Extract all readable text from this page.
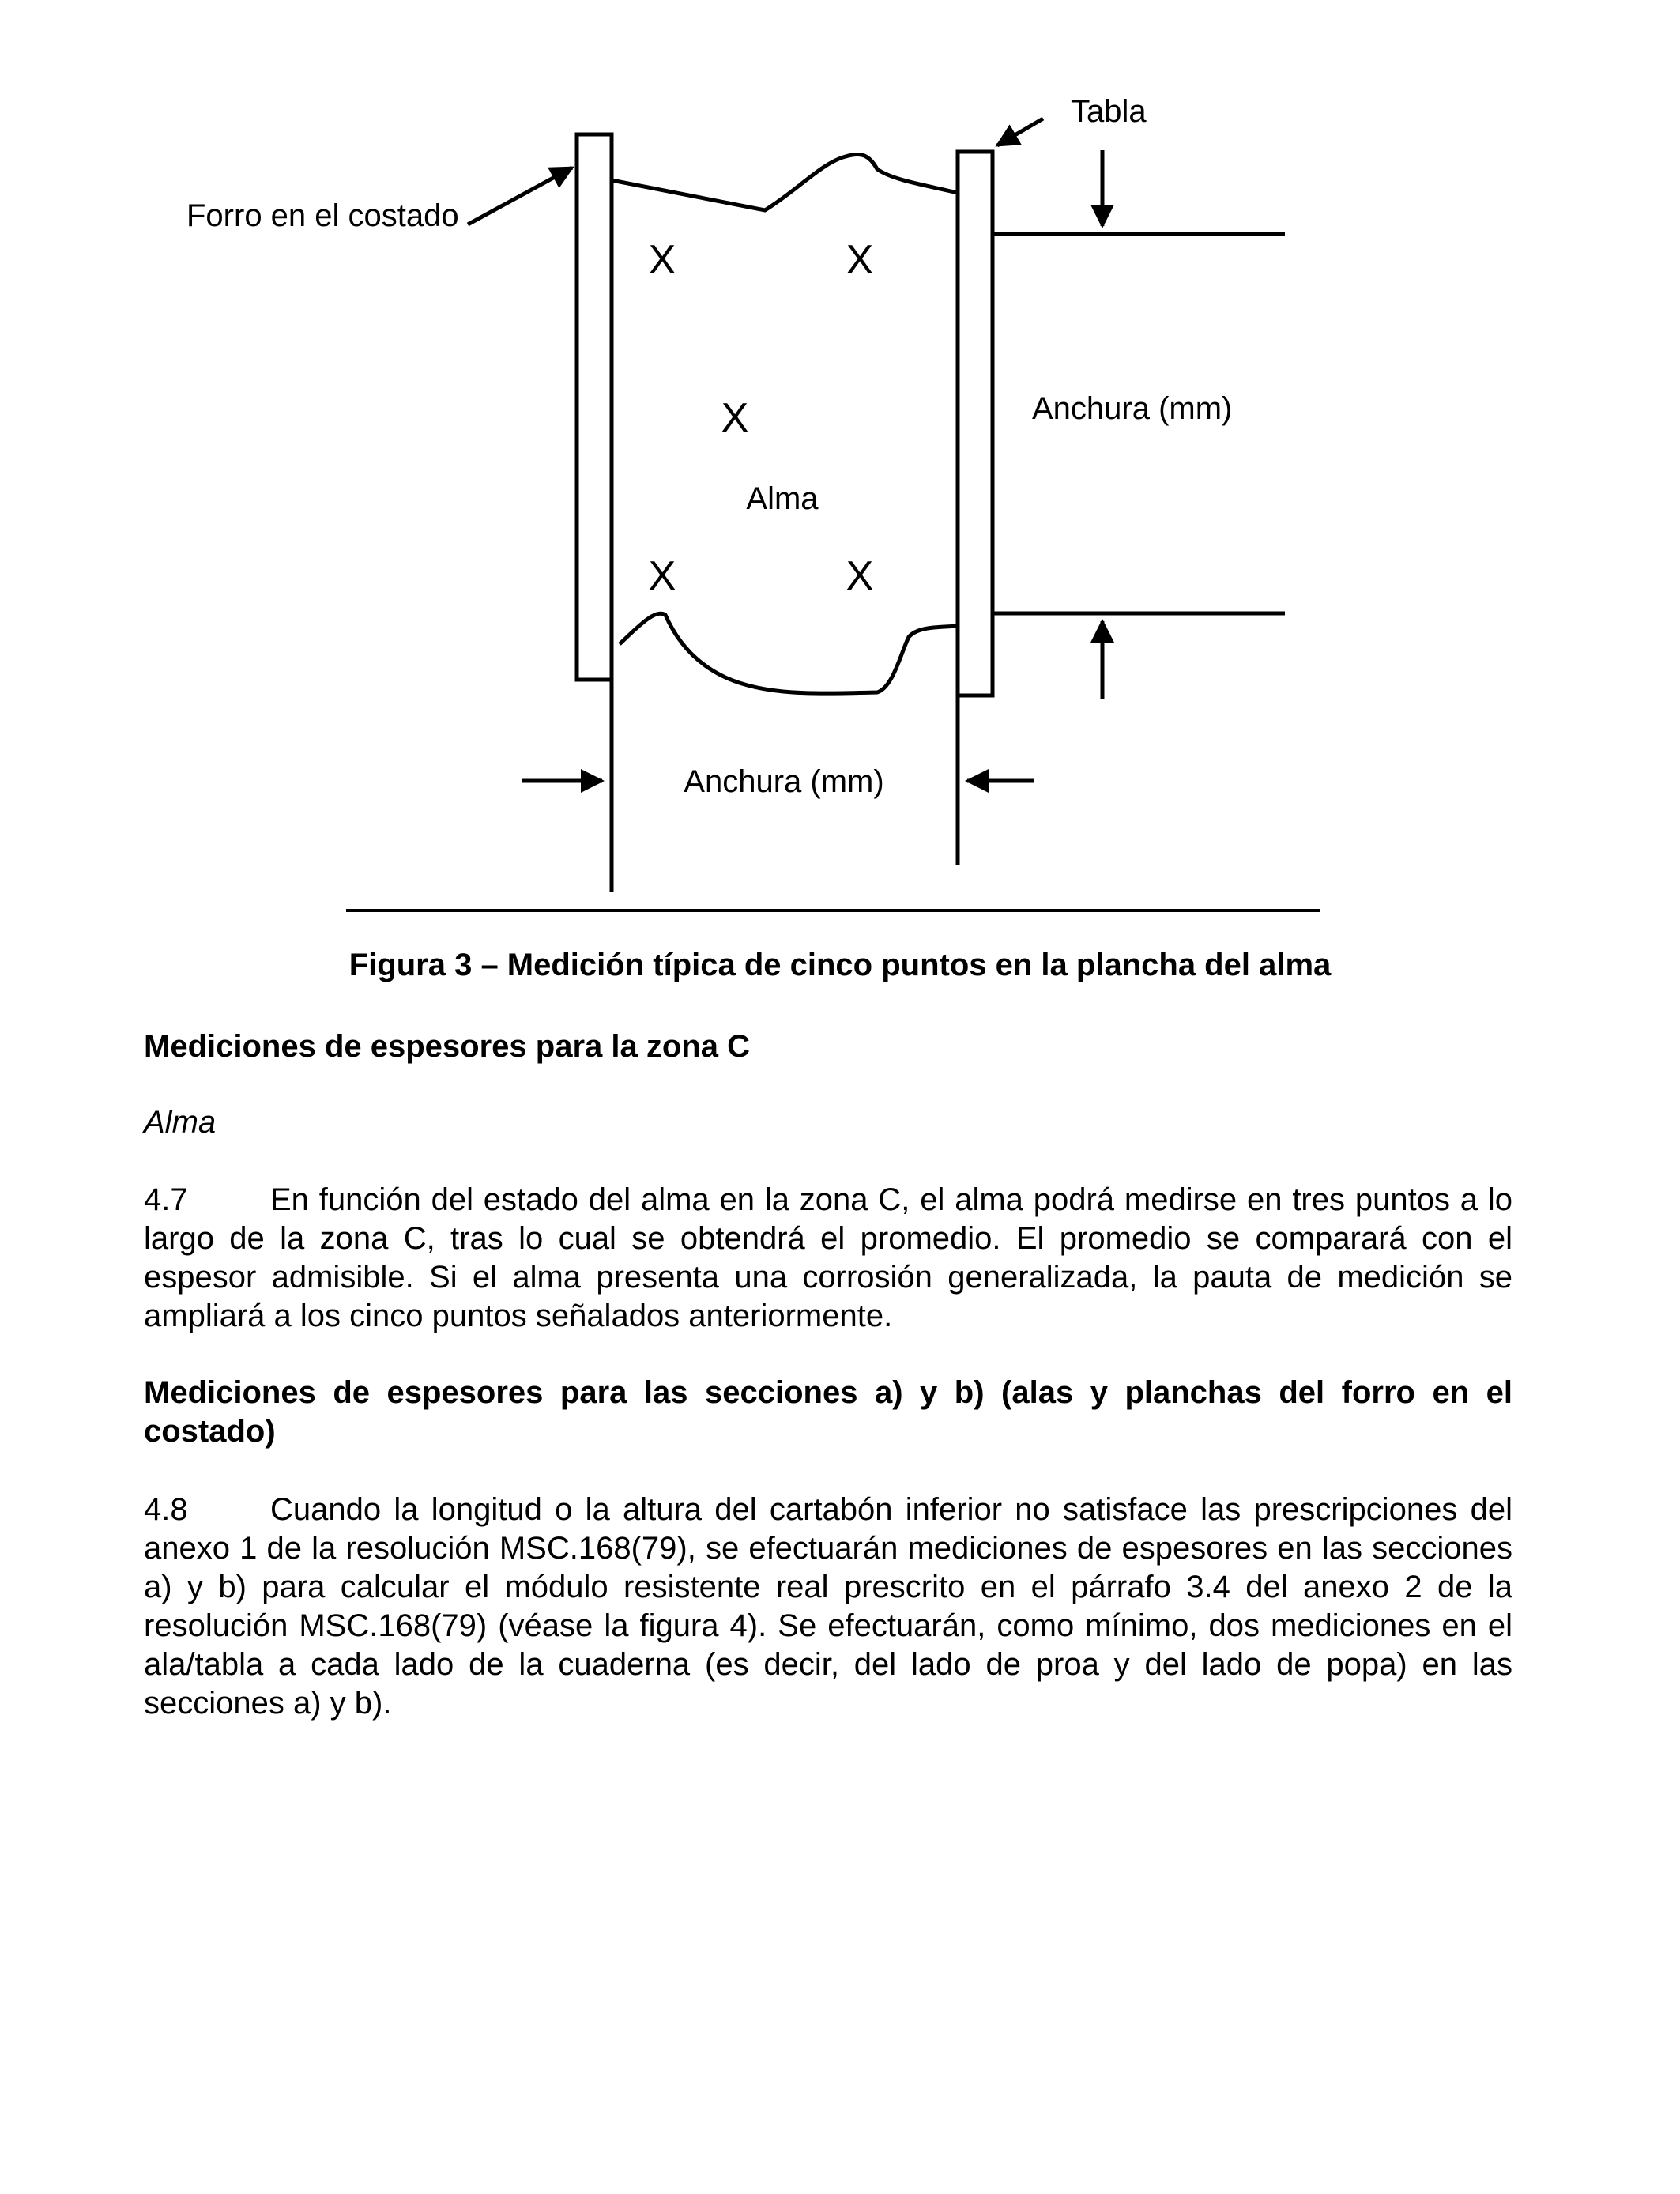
X	X
X
X	X
Tabla
Forro en el costado
Anchura (mm)
Alma
Anchura (mm)
Figura 3 – Medición típica de cinco puntos en la plancha del alma

Mediciones de espesores para la zona C

Alma

4.7	En función del estado del alma en la zona C, el alma podrá medirse en tres puntos a lo largo de la zona C, tras lo cual se obtendrá el promedio. El promedio se comparará con el espesor admisible. Si el alma presenta una corrosión generalizada, la pauta de medición se ampliará a los cinco puntos señalados anteriormente.

Mediciones de espesores para las secciones a) y b) (alas y planchas del forro en el costado)

4.8	Cuando la longitud o la altura del cartabón inferior no satisface las prescripciones del anexo 1 de la resolución MSC.168(79), se efectuarán mediciones de espesores en las secciones a) y b) para calcular el módulo resistente real prescrito en el párrafo 3.4 del anexo 2 de la resolución MSC.168(79) (véase la figura 4). Se efectuarán, como mínimo, dos mediciones en el ala/tabla a cada lado de la cuaderna (es decir, del lado de proa y del lado de popa) en las secciones a) y b).
